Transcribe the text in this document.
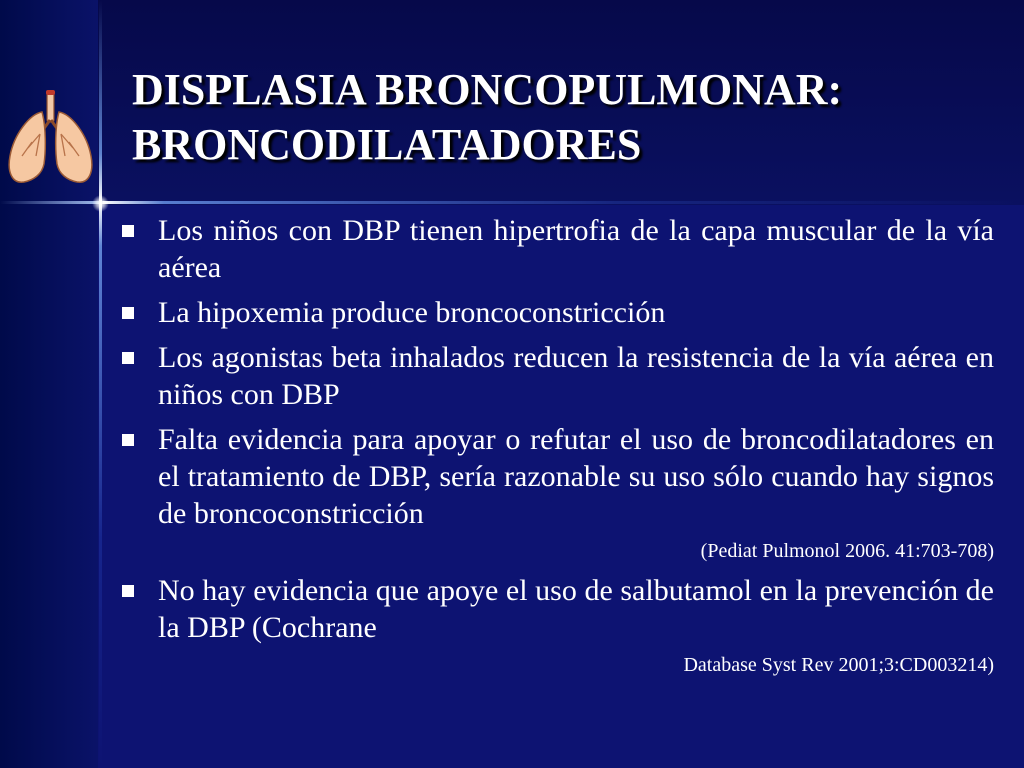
DISPLASIA BRONCOPULMONAR:
BRONCODILATADORES
Los niños con DBP tienen hipertrofia de la capa muscular de la vía aérea
La hipoxemia produce broncoconstricción
Los agonistas beta inhalados reducen la resistencia de la vía aérea en niños con DBP
Falta evidencia para apoyar o refutar el uso de broncodilatadores en el tratamiento de DBP, sería razonable su uso sólo cuando hay signos de broncoconstricción
(Pediat Pulmonol 2006. 41:703-708)
No hay evidencia que apoye el uso de salbutamol en la prevención de la DBP (Cochrane
Database Syst Rev 2001;3:CD003214)
